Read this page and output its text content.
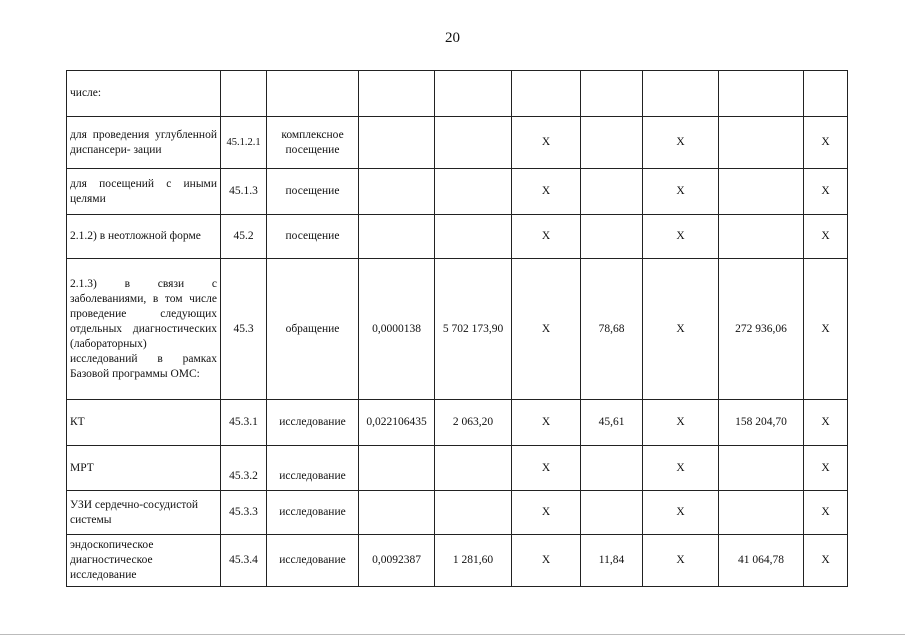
20
числе:									
для проведения углубленной диспансери- зации	45.1.2.1	комплексное посещение			X		X		X
для посещений с иными целями	45.1.3	посещение			X		X		X
2.1.2) в неотложной форме	45.2	посещение			X		X		X
2.1.3) в связи с заболеваниями, в том числе проведение следующих отдельных диагностических (лабораторных) исследований в рамках Базовой программы ОМС:	45.3	обращение	0,0000138	5 702 173,90	X	78,68	X	272 936,06	X
КТ	45.3.1	исследование	0,022106435	2 063,20	X	45,61	X	158 204,70	X
МРТ	45.3.2	исследование			X		X		X
УЗИ сердечно-сосудистой системы	45.3.3	исследование			X		X		X
эндоскопическое диагностическое исследование	45.3.4	исследование	0,0092387	1 281,60	X	11,84	X	41 064,78	X
